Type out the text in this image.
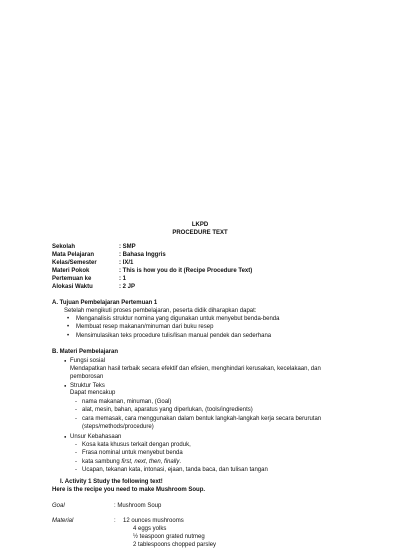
LKPD
PROCEDURE TEXT
Sekolah	: SMP
Mata Pelajaran	: Bahasa Inggris
Kelas/Semester	: IX/1
Materi Pokok	: This is how you do it (Recipe Procedure Text)
Pertemuan ke	: 1
Alokasi Waktu	: 2 JP
A. Tujuan Pembelajaran Pertemuan 1
Setelah mengikuti proses pembelajaran, peserta didik diharapkan dapat:
• Menganalisis struktur nomina yang digunakan untuk menyebut benda-benda
• Membuat resep makanan/minuman dari buku resep
• Mensimulasikan teks procedure tulis/lisan manual pendek dan sederhana
B. Materi Pembelajaran
● Fungsi sosial
Mendapatkan hasil terbaik secara efektif dan efisien, menghindari kerusakan, kecelakaan, dan
pemborosan
● Struktur Teks
Dapat mencakup
- nama makanan, minuman, (Goal)
- alat, mesin, bahan, aparatus yang diperlukan, (tools/ingredients)
- cara memasak, cara menggunakan dalam bentuk langkah-langkah kerja secara berurutan
(steps/methods/procedure)
● Unsur Kebahasaan
- Kosa kata khusus terkait dengan produk,
- Frasa nominal untuk menyebut benda
- kata sambung first, next, then, finally.
- Ucapan, tekanan kata, intonasi, ejaan, tanda baca, dan tulisan tangan
I. Activity 1 Study the following text!
Here is the recipe you need to make Mushroom Soup.
Goal	: Mushroom Soup
Material	: 12 ounces mushrooms
4 eggs yolks
½ teaspoon grated nutmeg
2 tablespoons chopped parsley
